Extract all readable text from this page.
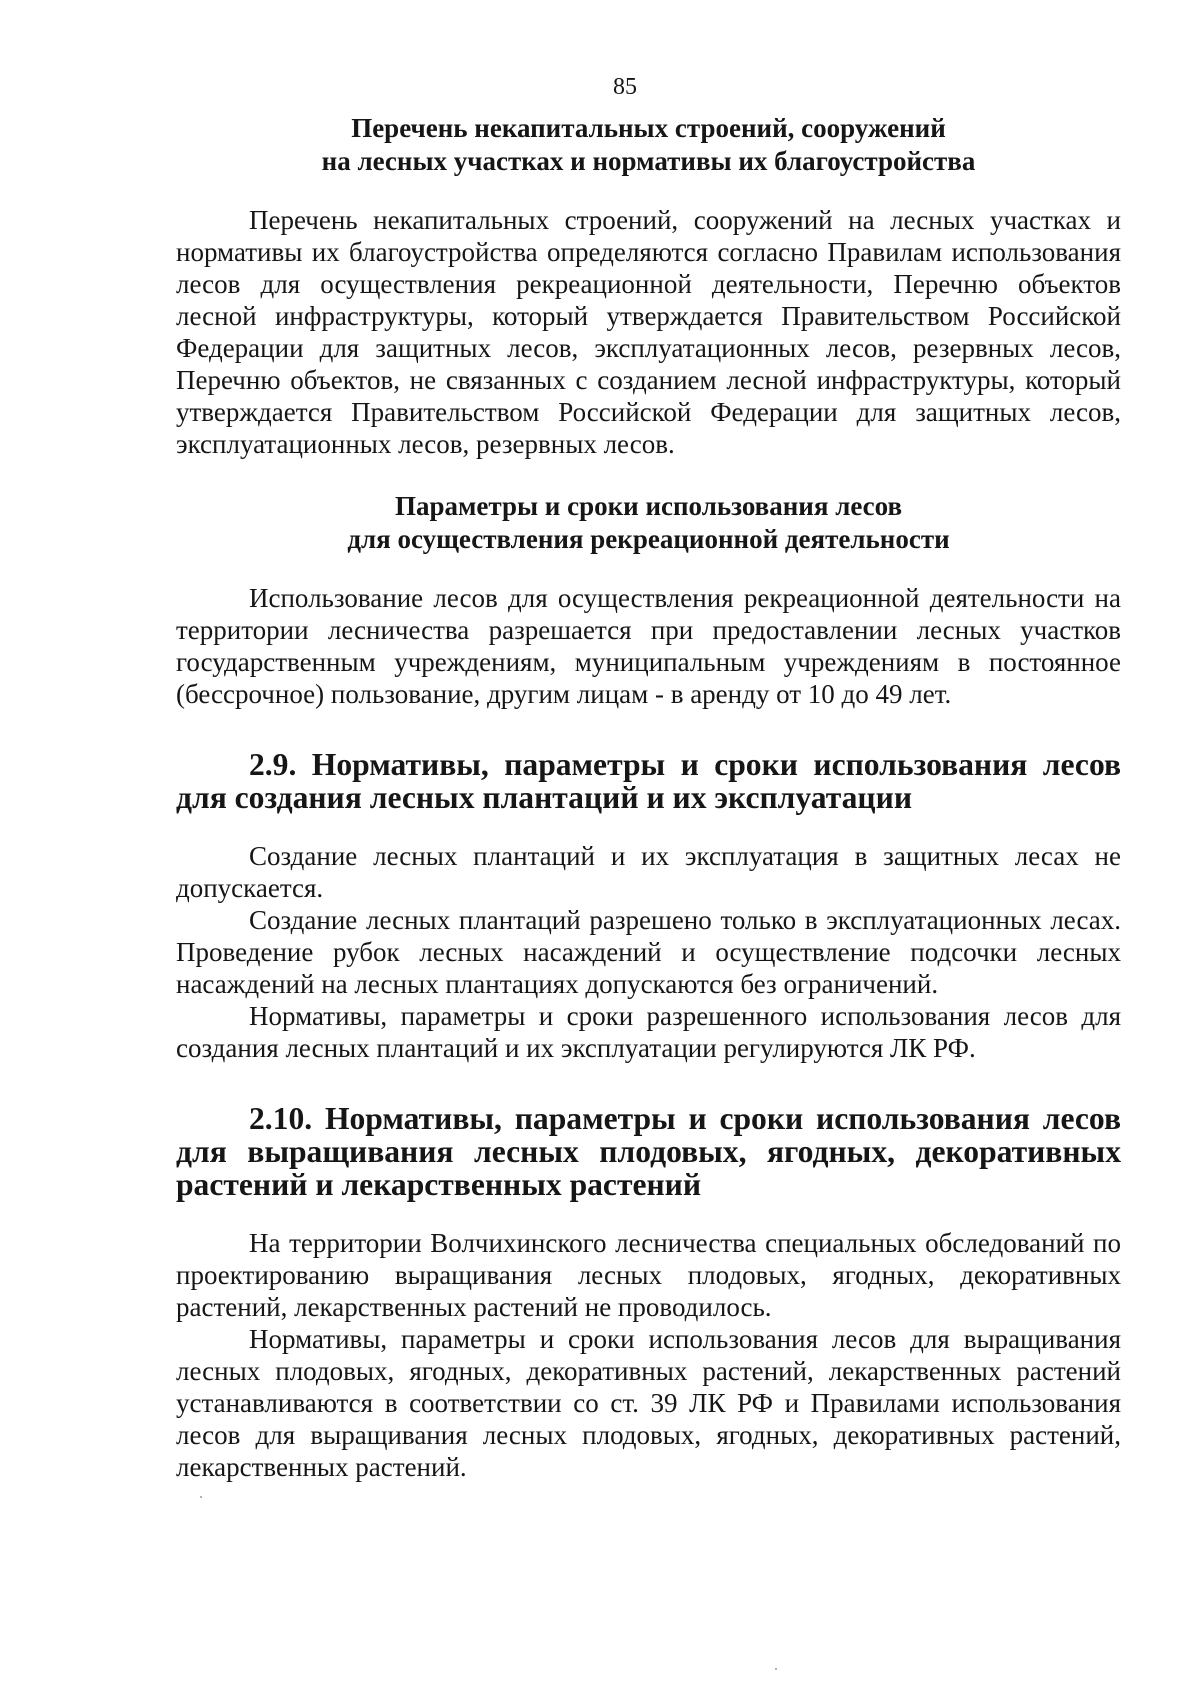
85
Перечень некапитальных строений, сооружений
на лесных участках и нормативы их благоустройства

Перечень некапитальных строений, сооружений на лесных участках и нормативы их благоустройства определяются согласно Правилам использования лесов для осуществления рекреационной деятельности, Перечню объектов лесной инфраструктуры, который утверждается Правительством Российской Федерации для защитных лесов, эксплуатационных лесов, резервных лесов, Перечню объектов, не связанных с созданием лесной инфраструктуры, который утверждается Правительством Российской Федерации для защитных лесов, эксплуатационных лесов, резервных лесов.

Параметры и сроки использования лесов
для осуществления рекреационной деятельности

Использование лесов для осуществления рекреационной деятельности на территории лесничества разрешается при предоставлении лесных участков государственным учреждениям, муниципальным учреждениям в постоянное (бессрочное) пользование, другим лицам - в аренду от 10 до 49 лет.

2.9. Нормативы, параметры и сроки использования лесов для создания лесных плантаций и их эксплуатации

Создание лесных плантаций и их эксплуатация в защитных лесах не допускается.

Создание лесных плантаций разрешено только в эксплуатационных лесах. Проведение рубок лесных насаждений и осуществление подсочки лесных насаждений на лесных плантациях допускаются без ограничений.

Нормативы, параметры и сроки разрешенного использования лесов для создания лесных плантаций и их эксплуатации регулируются ЛК РФ.

2.10. Нормативы, параметры и сроки использования лесов для выращивания лесных плодовых, ягодных, декоративных растений и лекарственных растений

На территории Волчихинского лесничества специальных обследований по проектированию выращивания лесных плодовых, ягодных, декоративных растений, лекарственных растений не проводилось.

Нормативы, параметры и сроки использования лесов для выращивания лесных плодовых, ягодных, декоративных растений, лекарственных растений устанавливаются в соответствии со ст. 39 ЛК РФ и Правилами использования лесов для выращивания лесных плодовых, ягодных, декоративных растений, лекарственных растений.
